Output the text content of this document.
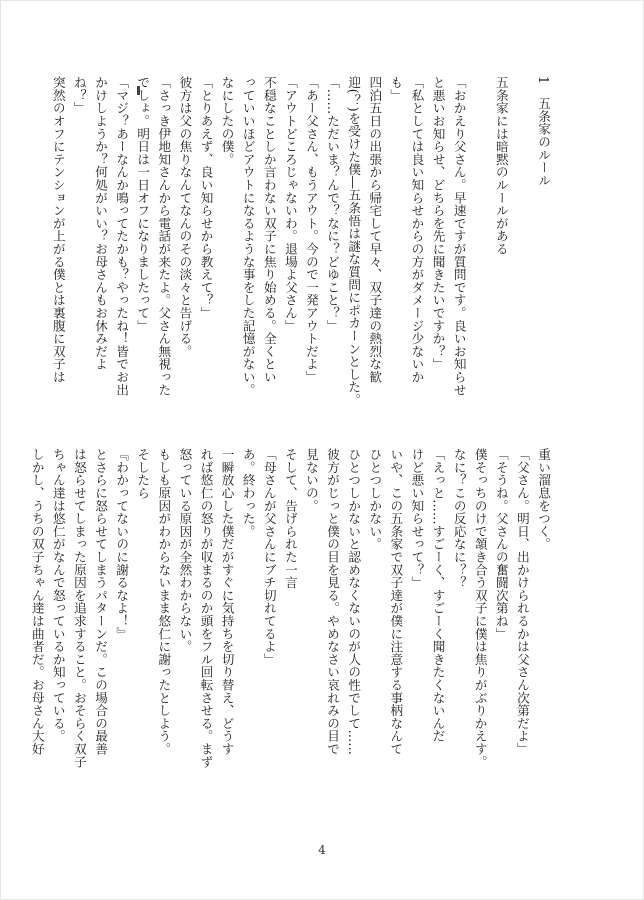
1　五条家のルール

五条家には暗黙のルールがある

「おかえり父さん。早速ですが質問です。良いお知らせ
と悪いお知らせ、どちらを先に聞きたいですか？」
「私としては良い知らせからの方がダメージ少ないか
も」
四泊五日の出張から帰宅して早々、双子達の熱烈な歓
迎(？)を受けた僕―五条悟は謎な質問にポカーンとした。
「……ただいま？んで？なに？どゆこと？」
「あー父さん、もうアウト。今ので一発アウトだよ」
「アウトどころじゃないわ。退場よ父さん」
不穏なことしか言わない双子に焦り始める。全くとい
っていいほどアウトになるような事をした記憶がない。
なにしたの僕。
「とりあえず、良い知らせから教えて？」
彼方は父の焦りなんてなんのその淡々と告げる。
「さっき伊地知さんから電話が来たよ。父さん無視った
でしょ。明日は一日オフになりましたって」
「マジ？あーなんか鳴ってたかも？やったね！皆でお出
かけしようか？何処がいい？お母さんもお休みだよ
ね？」
突然のオフにテンションが上がる僕とは裏腹に双子は
重い溜息をつく。
「父さん。明日、出かけられるかは父さん次第だよ」
「そうね。父さんの奮闘次第ね」
僕そっちのけで頷き合う双子に僕は焦りがぶりかえす。
なに？この反応なに？？
「えっと……すごーく、すごーく聞きたくないんだ
けど悪い知らせって？」
いや、この五条家で双子達が僕に注意する事柄なんて
ひとつしかない。
ひとつしかないと認めなくないのが人の性でして……
彼方がじっと僕の目を見る。やめなさい哀れみの目で
見ないの。
そして、告げられた一言
「母さんが父さんにブチ切れてるよ」
あ。終わった。
一瞬放心した僕だがすぐに気持ちを切り替え、どうす
れば悠仁の怒りが収まるのか頭をフル回転させる。まず
怒っている原因が全然わからない。
もしも原因がわからないまま悠仁に謝ったとしよう。
そしたら
『わかってないのに謝るなよ！』
とさらに怒らせてしまうパターンだ。この場合の最善
は怒らせてしまった原因を追求すること。おそらく双子
ちゃん達は悠仁がなんで怒っているか知っている。
しかし、うちの双子ちゃん達は曲者だ。お母さん大好
4
